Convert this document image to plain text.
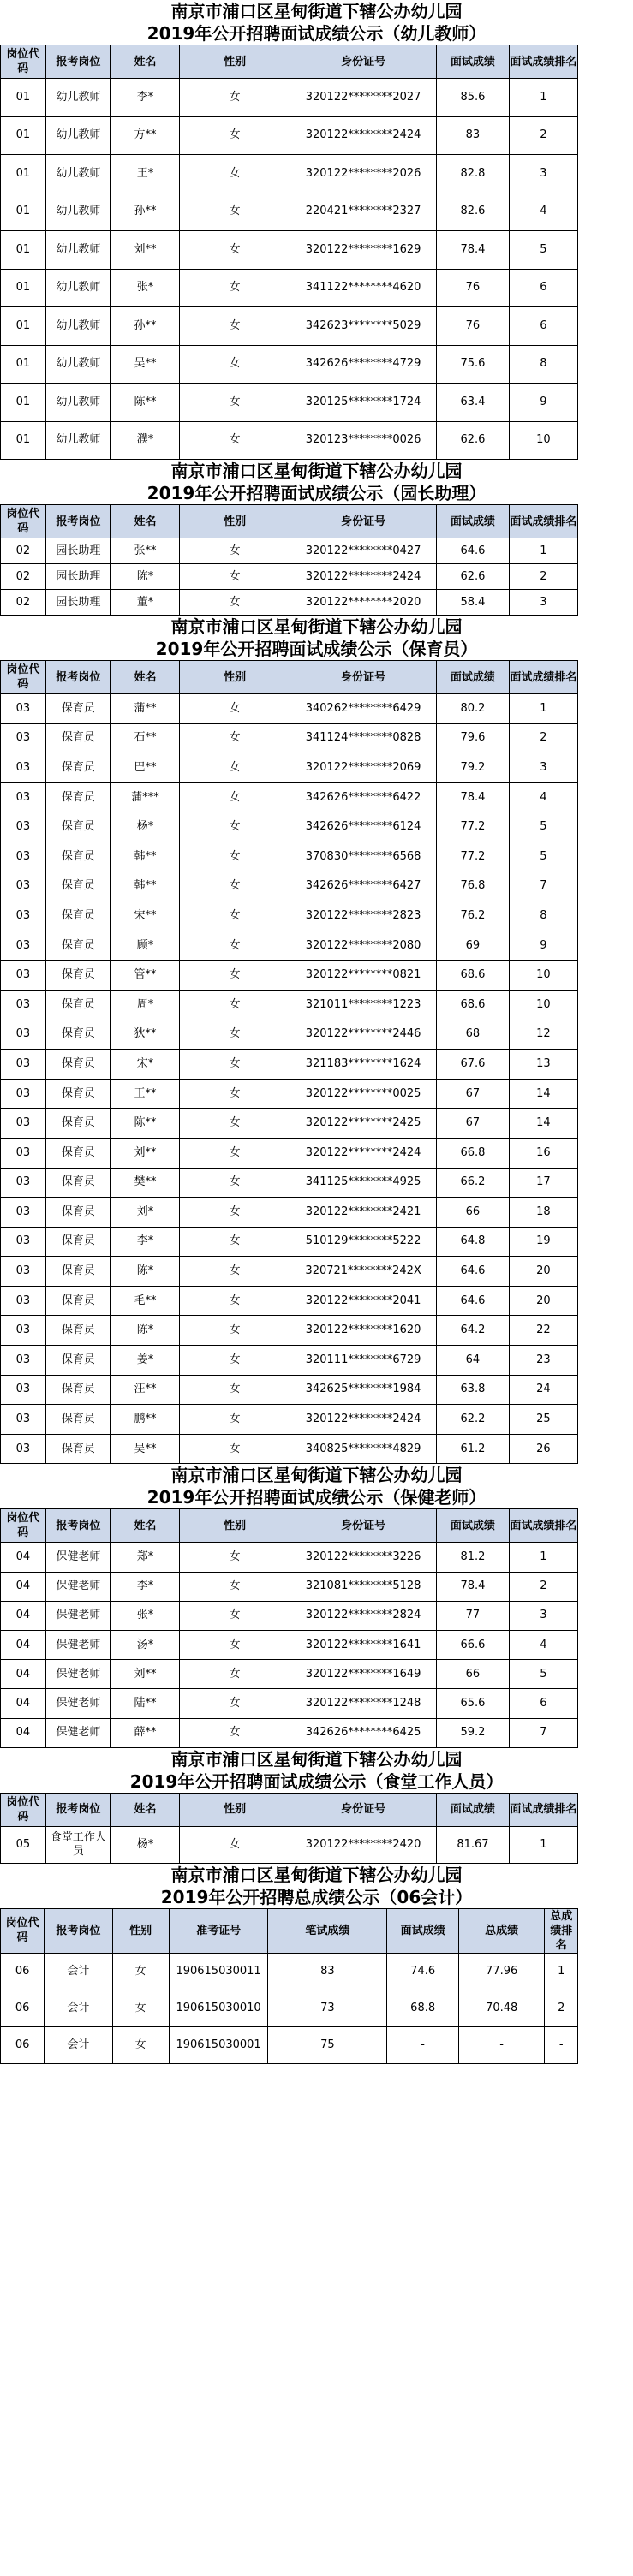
南京市浦口区星甸街道下辖公办幼儿园
2019年公开招聘面试成绩公示（幼儿教师）
岗位代码	报考岗位	姓名	性别	身份证号	面试成绩	面试成绩排名
01	幼儿教师	李*	女	320122********2027	85.6	1
01	幼儿教师	方**	女	320122********2424	83	2
01	幼儿教师	王*	女	320122********2026	82.8	3
01	幼儿教师	孙**	女	220421********2327	82.6	4
01	幼儿教师	刘**	女	320122********1629	78.4	5
01	幼儿教师	张*	女	341122********4620	76	6
01	幼儿教师	孙**	女	342623********5029	76	6
01	幼儿教师	吴**	女	342626********4729	75.6	8
01	幼儿教师	陈**	女	320125********1724	63.4	9
01	幼儿教师	濮*	女	320123********0026	62.6	10
南京市浦口区星甸街道下辖公办幼儿园
2019年公开招聘面试成绩公示（园长助理）
岗位代码	报考岗位	姓名	性别	身份证号	面试成绩	面试成绩排名
02	园长助理	张**	女	320122********0427	64.6	1
02	园长助理	陈*	女	320122********2424	62.6	2
02	园长助理	董*	女	320122********2020	58.4	3
南京市浦口区星甸街道下辖公办幼儿园
2019年公开招聘面试成绩公示（保育员）
岗位代码	报考岗位	姓名	性别	身份证号	面试成绩	面试成绩排名
03	保育员	蒲**	女	340262********6429	80.2	1
03	保育员	石**	女	341124********0828	79.6	2
03	保育员	巴**	女	320122********2069	79.2	3
03	保育员	蒲***	女	342626********6422	78.4	4
03	保育员	杨*	女	342626********6124	77.2	5
03	保育员	韩**	女	370830********6568	77.2	5
03	保育员	韩**	女	342626********6427	76.8	7
03	保育员	宋**	女	320122********2823	76.2	8
03	保育员	顾*	女	320122********2080	69	9
03	保育员	管**	女	320122********0821	68.6	10
03	保育员	周*	女	321011********1223	68.6	10
03	保育员	狄**	女	320122********2446	68	12
03	保育员	宋*	女	321183********1624	67.6	13
03	保育员	王**	女	320122********0025	67	14
03	保育员	陈**	女	320122********2425	67	14
03	保育员	刘**	女	320122********2424	66.8	16
03	保育员	樊**	女	341125********4925	66.2	17
03	保育员	刘*	女	320122********2421	66	18
03	保育员	李*	女	510129********5222	64.8	19
03	保育员	陈*	女	320721********242X	64.6	20
03	保育员	毛**	女	320122********2041	64.6	20
03	保育员	陈*	女	320122********1620	64.2	22
03	保育员	姜*	女	320111********6729	64	23
03	保育员	汪**	女	342625********1984	63.8	24
03	保育员	鹏**	女	320122********2424	62.2	25
03	保育员	吴**	女	340825********4829	61.2	26
南京市浦口区星甸街道下辖公办幼儿园
2019年公开招聘面试成绩公示（保健老师）
岗位代码	报考岗位	姓名	性别	身份证号	面试成绩	面试成绩排名
04	保健老师	郑*	女	320122********3226	81.2	1
04	保健老师	李*	女	321081********5128	78.4	2
04	保健老师	张*	女	320122********2824	77	3
04	保健老师	汤*	女	320122********1641	66.6	4
04	保健老师	刘**	女	320122********1649	66	5
04	保健老师	陆**	女	320122********1248	65.6	6
04	保健老师	薛**	女	342626********6425	59.2	7
南京市浦口区星甸街道下辖公办幼儿园
2019年公开招聘面试成绩公示（食堂工作人员）
岗位代码	报考岗位	姓名	性别	身份证号	面试成绩	面试成绩排名
05	食堂工作人员	杨*	女	320122********2420	81.67	1
南京市浦口区星甸街道下辖公办幼儿园
2019年公开招聘总成绩公示（06会计）
岗位代码	报考岗位	性别	准考证号	笔试成绩	面试成绩	总成绩	总成绩排名
06	会计	女	190615030011	83	74.6	77.96	1
06	会计	女	190615030010	73	68.8	70.48	2
06	会计	女	190615030001	75	-	-	-
